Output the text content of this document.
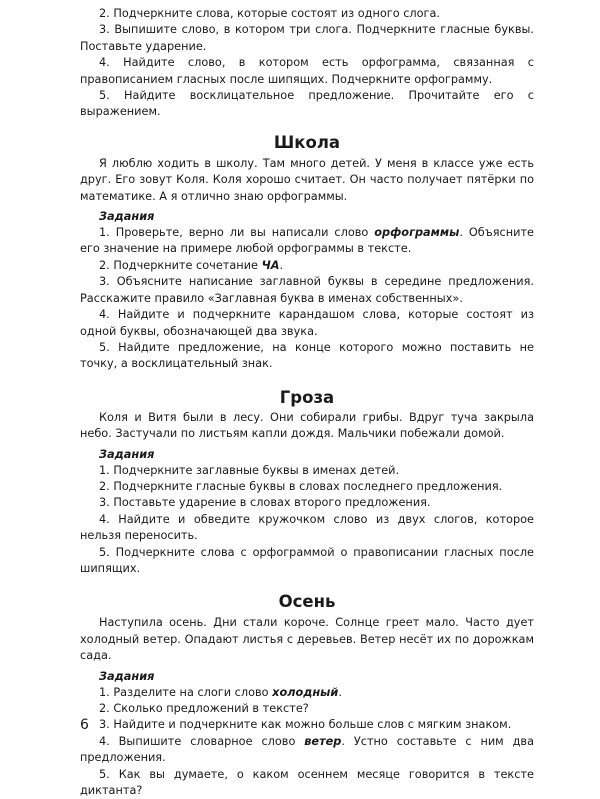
2. Подчеркните слова, которые состоят из одного слога.

3. Выпишите слово, в котором три слога. Подчеркните гласные буквы. Поставьте ударение.

4. Найдите слово, в котором есть орфограмма, связанная с правописанием гласных после шипящих. Подчеркните орфограмму.

5. Найдите восклицательное предложение. Прочитайте его с выражением.

Школа

Я люблю ходить в школу. Там много детей. У меня в классе уже есть друг. Его зовут Коля. Коля хорошо считает. Он часто получает пятёрки по математике. А я отлично знаю орфограммы.

Задания

1. Проверьте, верно ли вы написали слово орфограммы. Объясните его значение на примере любой орфограммы в тексте.

2. Подчеркните сочетание ЧА.

3. Объясните написание заглавной буквы в середине предложения. Расскажите правило «Заглавная буква в именах собственных».

4. Найдите и подчеркните карандашом слова, которые состоят из одной буквы, обозначающей два звука.

5. Найдите предложение, на конце которого можно поставить не точку, а восклицательный знак.

Гроза

Коля и Витя были в лесу. Они собирали грибы. Вдруг туча закрыла небо. Застучали по листьям капли дождя. Мальчики побежали домой.

Задания

1. Подчеркните заглавные буквы в именах детей.

2. Подчеркните гласные буквы в словах последнего предложения.

3. Поставьте ударение в словах второго предложения.

4. Найдите и обведите кружочком слово из двух слогов, которое нельзя переносить.

5. Подчеркните слова с орфограммой о правописании гласных после шипящих.

Осень

Наступила осень. Дни стали короче. Солнце греет мало. Часто дует холодный ветер. Опадают листья с деревьев. Ветер несёт их по дорожкам сада.

Задания

1. Разделите на слоги слово холодный.

2. Сколько предложений в тексте?

3. Найдите и подчеркните как можно больше слов с мягким знаком.

4. Выпишите словарное слово ветер. Устно составьте с ним два предложения.

5. Как вы думаете, о каком осеннем месяце говорится в тексте диктанта?

6
